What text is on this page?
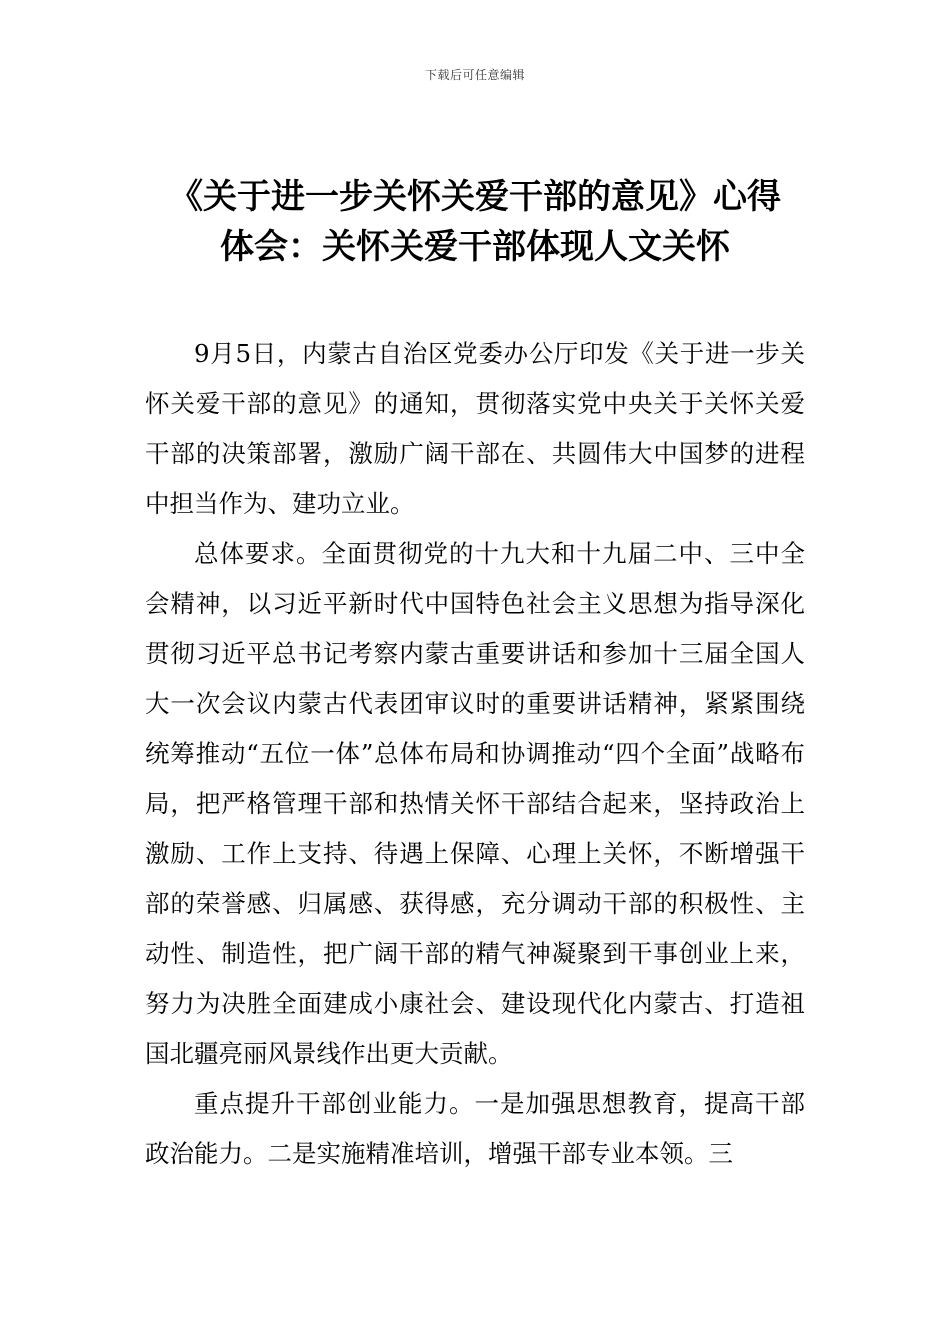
下载后可任意编辑
《关于进一步关怀关爱干部的意见》心得
体会：关怀关爱干部体现人文关怀

9月5日，内蒙古自治区党委办公厅印发《关于进一步关怀关爱干部的意见》的通知，贯彻落实党中央关于关怀关爱干部的决策部署，激励广阔干部在、共圆伟大中国梦的进程中担当作为、建功立业。

总体要求。全面贯彻党的十九大和十九届二中、三中全会精神，以习近平新时代中国特色社会主义思想为指导深化贯彻习近平总书记考察内蒙古重要讲话和参加十三届全国人大一次会议内蒙古代表团审议时的重要讲话精神，紧紧围绕统筹推动“五位一体”总体布局和协调推动“四个全面”战略布局，把严格管理干部和热情关怀干部结合起来，坚持政治上激励、工作上支持、待遇上保障、心理上关怀，不断增强干部的荣誉感、归属感、获得感，充分调动干部的积极性、主动性、制造性，把广阔干部的精气神凝聚到干事创业上来，努力为决胜全面建成小康社会、建设现代化内蒙古、打造祖国北疆亮丽风景线作出更大贡献。

重点提升干部创业能力。一是加强思想教育，提高干部政治能力。二是实施精准培训，增强干部专业本领。三
